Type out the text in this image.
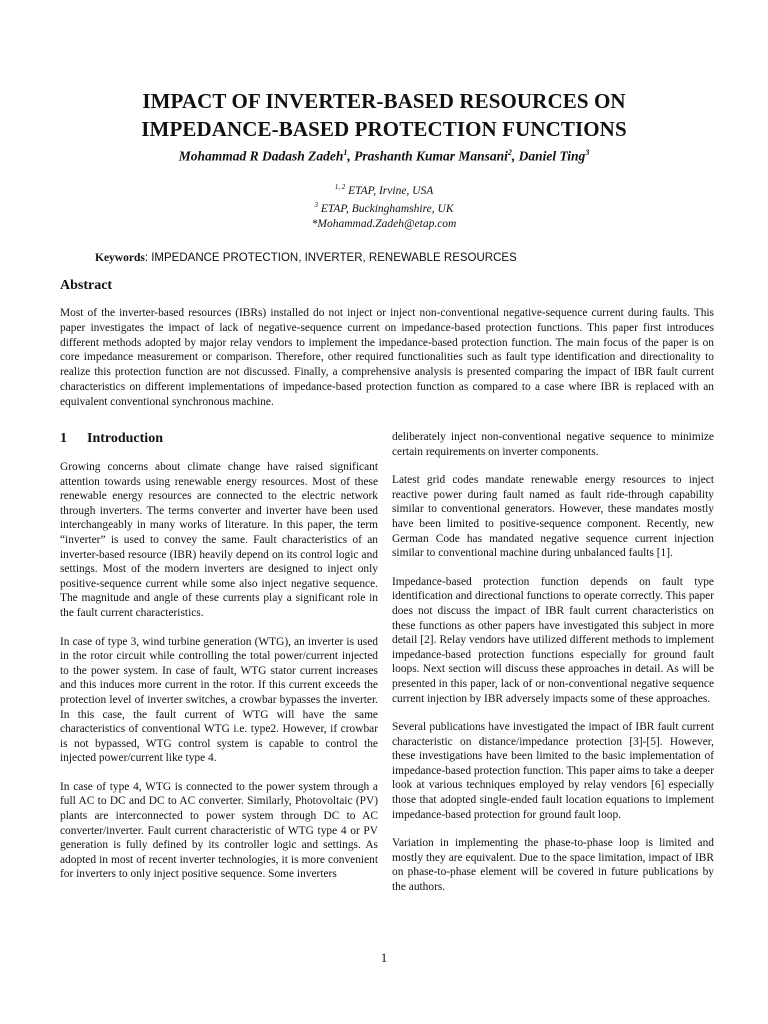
IMPACT OF INVERTER-BASED RESOURCES ON
IMPEDANCE-BASED PROTECTION FUNCTIONS
Mohammad R Dadash Zadeh$^1$, Prashanth Kumar Mansani$^2$, Daniel Ting$^3$
$^{1, 2}$ ETAP, Irvine, USA
$^3$ ETAP, Buckinghamshire, UK
*Mohammad.Zadeh@etap.com
Keywords: IMPEDANCE PROTECTION, INVERTER, RENEWABLE RESOURCES
Abstract
Most of the inverter-based resources (IBRs) installed do not inject or inject non-conventional negative-sequence current during faults. This paper investigates the impact of lack of negative-sequence current on impedance-based protection functions. This paper first introduces different methods adopted by major relay vendors to implement the impedance-based protection function. The main focus of the paper is on core impedance measurement or comparison. Therefore, other required functionalities such as fault type identification and directionality to realize this protection function are not discussed. Finally, a comprehensive analysis is presented comparing the impact of IBR fault current characteristics on different implementations of impedance-based protection function as compared to a case where IBR is replaced with an equivalent conventional synchronous machine.
1 Introduction

Growing concerns about climate change have raised significant attention towards using renewable energy resources. Most of these renewable energy resources are connected to the electric network through inverters. The terms converter and inverter have been used interchangeably in many works of literature. In this paper, the term “inverter” is used to convey the same. Fault characteristics of an inverter-based resource (IBR) heavily depend on its control logic and settings. Most of the modern inverters are designed to inject only positive-sequence current while some also inject negative sequence. The magnitude and angle of these currents play a significant role in the fault current characteristics.

In case of type 3, wind turbine generation (WTG), an inverter is used in the rotor circuit while controlling the total power/current injected to the power system. In case of fault, WTG stator current increases and this induces more current in the rotor. If this current exceeds the protection level of inverter switches, a crowbar bypasses the inverter. In this case, the fault current of WTG will have the same characteristics of conventional WTG i.e. type2. However, if crowbar is not bypassed, WTG control system is capable to control the injected power/current like type 4.

In case of type 4, WTG is connected to the power system through a full AC to DC and DC to AC converter. Similarly, Photovoltaic (PV) plants are interconnected to power system through DC to AC converter/inverter. Fault current characteristic of WTG type 4 or PV generation is fully defined by its controller logic and settings. As adopted in most of recent inverter technologies, it is more convenient for inverters to only inject positive sequence. Some inverters

deliberately inject non-conventional negative sequence to minimize certain requirements on inverter components.

Latest grid codes mandate renewable energy resources to inject reactive power during fault named as fault ride-through capability similar to conventional generators. However, these mandates mostly have been limited to positive-sequence component. Recently, new German Code has mandated negative sequence current injection similar to conventional machine during unbalanced faults [1].

Impedance-based protection function depends on fault type identification and directional functions to operate correctly. This paper does not discuss the impact of IBR fault current characteristics on these functions as other papers have investigated this subject in more detail [2]. Relay vendors have utilized different methods to implement impedance-based protection functions especially for ground fault loops. Next section will discuss these approaches in detail. As will be presented in this paper, lack of or non-conventional negative sequence current injection by IBR adversely impacts some of these approaches.

Several publications have investigated the impact of IBR fault current characteristic on distance/impedance protection [3]-[5]. However, these investigations have been limited to the basic implementation of impedance-based protection function. This paper aims to take a deeper look at various techniques employed by relay vendors [6] especially those that adopted single-ended fault location equations to implement impedance-based protection for ground fault loop.

Variation in implementing the phase-to-phase loop is limited and mostly they are equivalent. Due to the space limitation, impact of IBR on phase-to-phase element will be covered in future publications by the authors.

1
